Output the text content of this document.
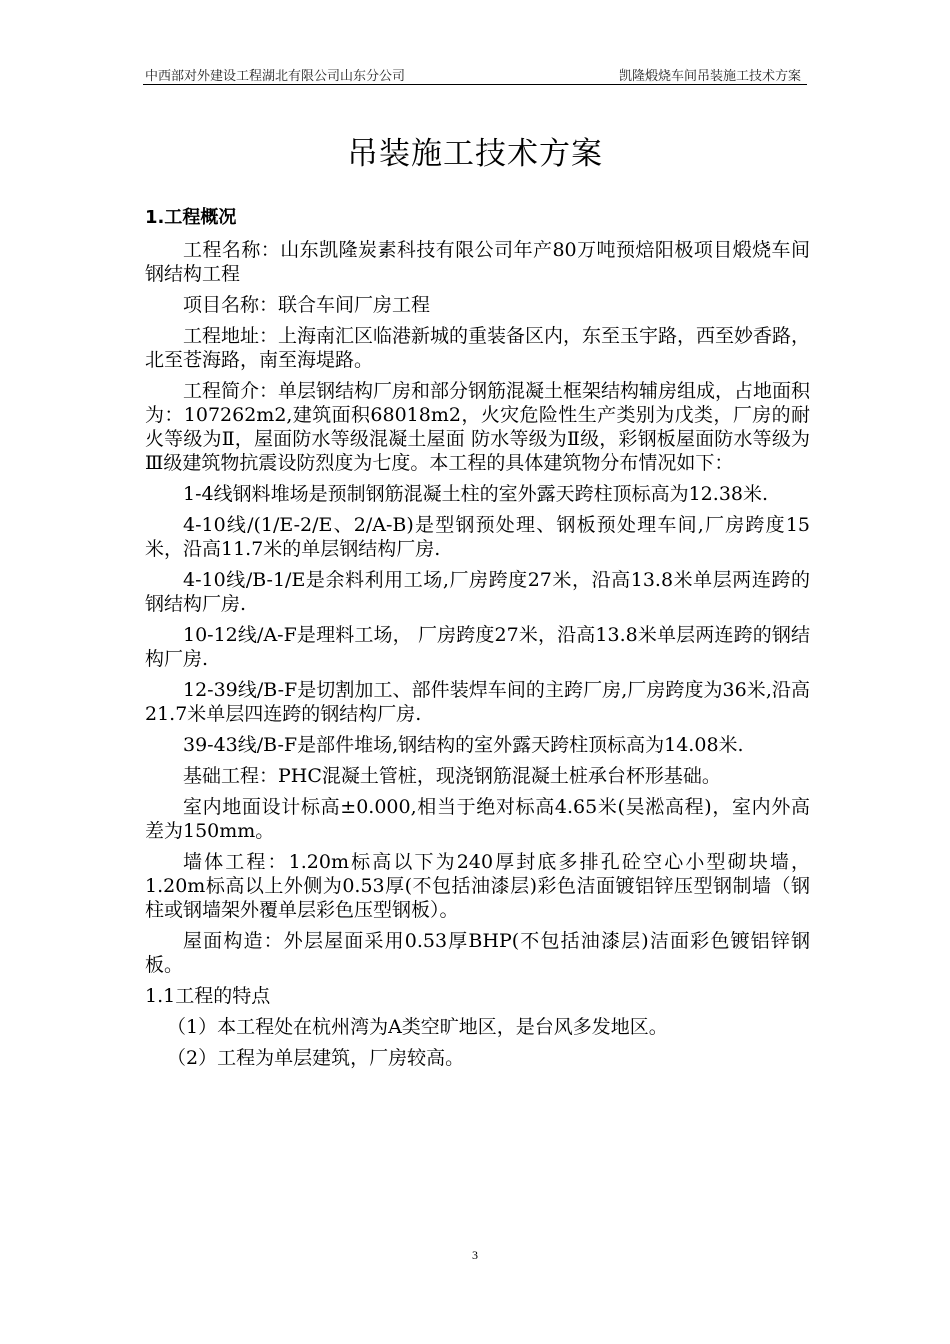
中西部对外建设工程湖北有限公司山东分公司	凯隆煅烧车间吊装施工技术方案
吊装施工技术方案
1.工程概况

工程名称：山东凯隆炭素科技有限公司年产80万吨预焙阳极项目煅烧车间钢结构工程

项目名称：联合车间厂房工程

工程地址：上海南汇区临港新城的重装备区内，东至玉宇路，西至妙香路，北至苍海路，南至海堤路。

工程简介：单层钢结构厂房和部分钢筋混凝土框架结构辅房组成，占地面积为：107262m2,建筑面积68018m2，火灾危险性生产类别为戊类，厂房的耐火等级为Ⅱ，屋面防水等级混凝土屋面 防水等级为Ⅱ级，彩钢板屋面防水等级为Ⅲ级建筑物抗震设防烈度为七度。本工程的具体建筑物分布情况如下：

1-4线钢料堆场是预制钢筋混凝土柱的室外露天跨柱顶标高为12.38米.

4-10线/(1/E-2/E、2/A-B)是型钢预处理、钢板预处理车间,厂房跨度15米，沿高11.7米的单层钢结构厂房.

4-10线/B-1/E是余料利用工场,厂房跨度27米，沿高13.8米单层两连跨的钢结构厂房.

10-12线/A-F是理料工场， 厂房跨度27米，沿高13.8米单层两连跨的钢结构厂房.

12-39线/B-F是切割加工、部件装焊车间的主跨厂房,厂房跨度为36米,沿高21.7米单层四连跨的钢结构厂房.

39-43线/B-F是部件堆场,钢结构的室外露天跨柱顶标高为14.08米.

基础工程：PHC混凝土管桩，现浇钢筋混凝土桩承台杯形基础。

室内地面设计标高±0.000,相当于绝对标高4.65米(吴淞高程)，室内外高差为150mm。

墙体工程：1.20m标高以下为240厚封底多排孔砼空心小型砌块墙，1.20m标高以上外侧为0.53厚(不包括油漆层)彩色洁面镀铝锌压型钢制墙（钢柱或钢墙架外覆单层彩色压型钢板）。

屋面构造：外层屋面采用0.53厚BHP(不包括油漆层)洁面彩色镀铝锌钢板。

1.1工程的特点

（1）本工程处在杭州湾为A类空旷地区，是台风多发地区。

（2）工程为单层建筑，厂房较高。

3
